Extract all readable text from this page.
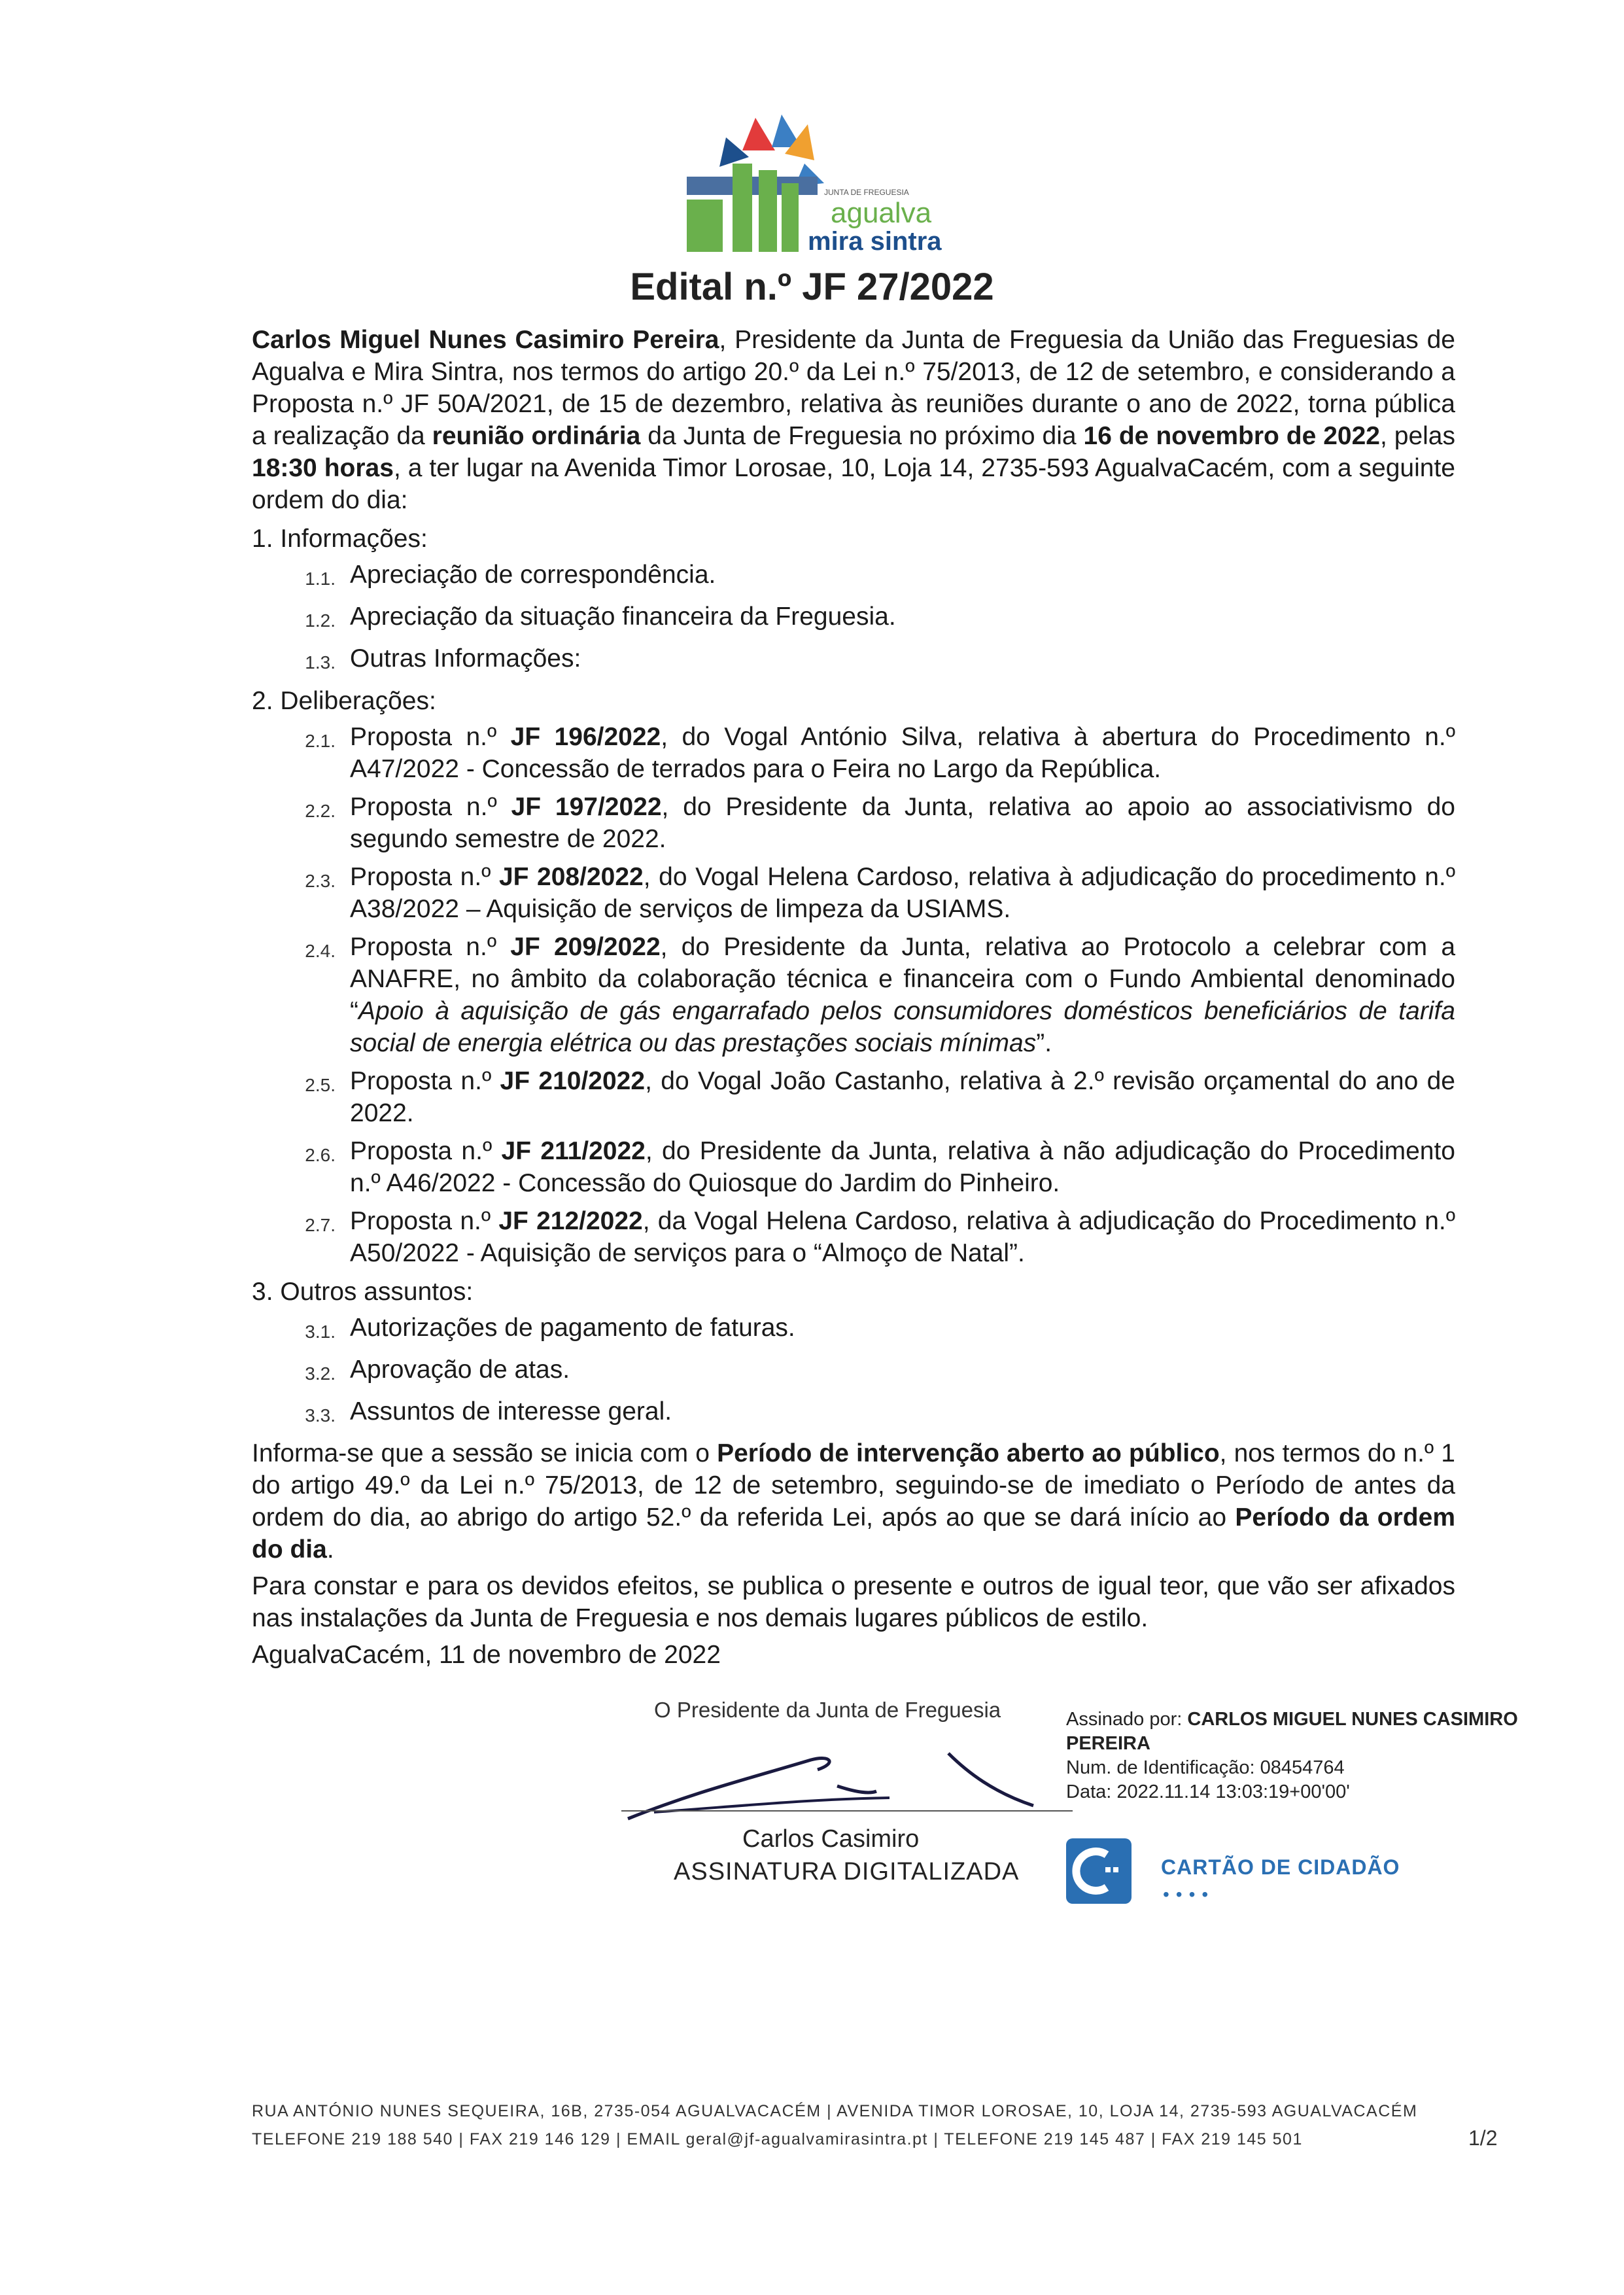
JUNTA DE FREGUESIA
agualva
mira sintra
Edital n.º JF 27/2022

Carlos Miguel Nunes Casimiro Pereira, Presidente da Junta de Freguesia da União das Freguesias de Agualva e Mira Sintra, nos termos do artigo 20.º da Lei n.º 75/2013, de 12 de setembro, e considerando a Proposta n.º JF 50A/2021, de 15 de dezembro, relativa às reuniões durante o ano de 2022, torna pública a realização da reunião ordinária da Junta de Freguesia no próximo dia 16 de novembro de 2022, pelas 18:30 horas, a ter lugar na Avenida Timor Lorosae, 10, Loja 14, 2735-593 AgualvaCacém, com a seguinte ordem do dia:

1. Informações:
1.1. Apreciação de correspondência.
1.2. Apreciação da situação financeira da Freguesia.
1.3. Outras Informações:
2. Deliberações:
2.1. Proposta n.º JF 196/2022, do Vogal António Silva, relativa à abertura do Procedimento n.º A47/2022 - Concessão de terrados para o Feira no Largo da República.
2.2. Proposta n.º JF 197/2022, do Presidente da Junta, relativa ao apoio ao associativismo do segundo semestre de 2022.
2.3. Proposta n.º JF 208/2022, do Vogal Helena Cardoso, relativa à adjudicação do procedimento n.º A38/2022 – Aquisição de serviços de limpeza da USIAMS.
2.4. Proposta n.º JF 209/2022, do Presidente da Junta, relativa ao Protocolo a celebrar com a ANAFRE, no âmbito da colaboração técnica e financeira com o Fundo Ambiental denominado “Apoio à aquisição de gás engarrafado pelos consumidores domésticos beneficiários de tarifa social de energia elétrica ou das prestações sociais mínimas”.
2.5. Proposta n.º JF 210/2022, do Vogal João Castanho, relativa à 2.º revisão orçamental do ano de 2022.
2.6. Proposta n.º JF 211/2022, do Presidente da Junta, relativa à não adjudicação do Procedimento n.º A46/2022 - Concessão do Quiosque do Jardim do Pinheiro.
2.7. Proposta n.º JF 212/2022, da Vogal Helena Cardoso, relativa à adjudicação do Procedimento n.º A50/2022 - Aquisição de serviços para o “Almoço de Natal”.
3. Outros assuntos:
3.1. Autorizações de pagamento de faturas.
3.2. Aprovação de atas.
3.3. Assuntos de interesse geral.

Informa-se que a sessão se inicia com o Período de intervenção aberto ao público, nos termos do n.º 1 do artigo 49.º da Lei n.º 75/2013, de 12 de setembro, seguindo-se de imediato o Período de antes da ordem do dia, ao abrigo do artigo 52.º da referida Lei, após ao que se dará início ao Período da ordem do dia.

Para constar e para os devidos efeitos, se publica o presente e outros de igual teor, que vão ser afixados nas instalações da Junta de Freguesia e nos demais lugares públicos de estilo.

AgualvaCacém, 11 de novembro de 2022

O Presidente da Junta de Freguesia
Carlos Casimiro
ASSINATURA DIGITALIZADA
Assinado por: CARLOS MIGUEL NUNES CASIMIRO PEREIRA
Num. de Identificação: 08454764
Data: 2022.11.14 13:03:19+00'00'
CARTÃO DE CIDADÃO
••••
RUA ANTÓNIO NUNES SEQUEIRA, 16B, 2735-054 AGUALVACACÉM | AVENIDA TIMOR LOROSAE, 10, LOJA 14, 2735-593 AGUALVACACÉM
TELEFONE 219 188 540 | FAX 219 146 129 | EMAIL geral@jf-agualvamirasintra.pt | TELEFONE 219 145 487 | FAX 219 145 501	1/2
